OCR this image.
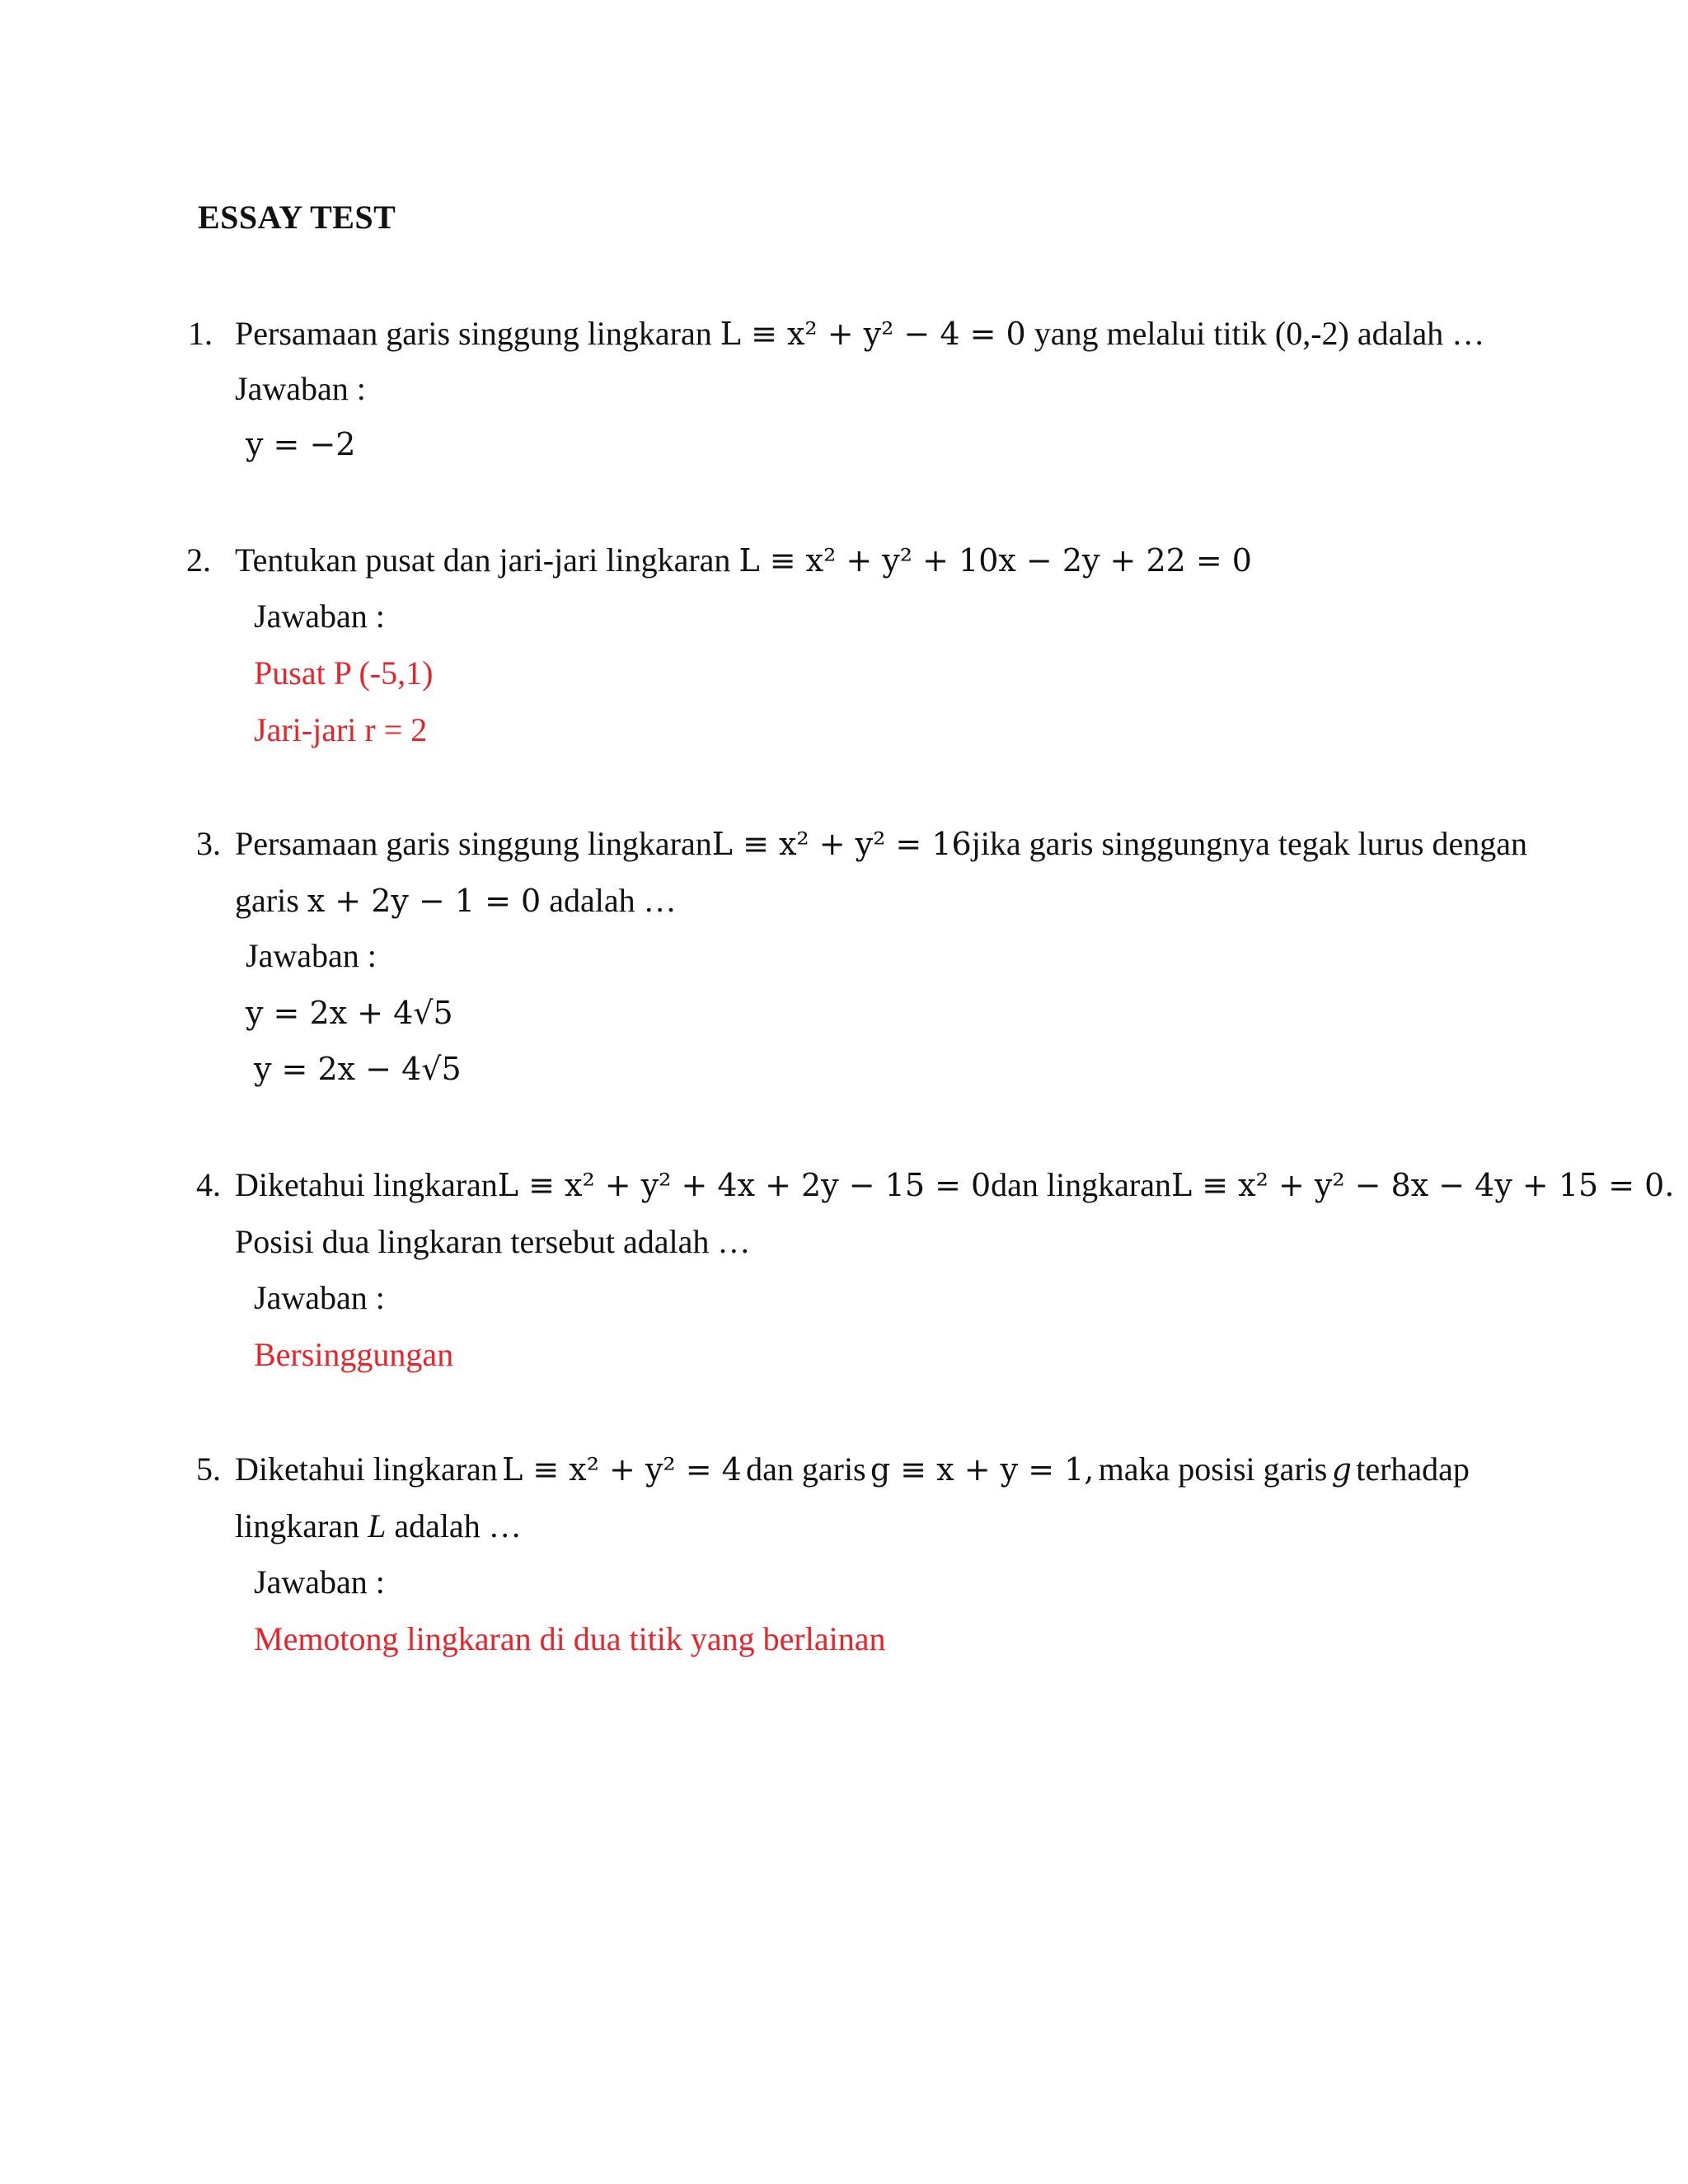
ESSAY TEST
1. Persamaan garis singgung lingkaran L ≡ x² + y² − 4 = 0 yang melalui titik (0,-2) adalah …
Jawaban :
y = −2
2. Tentukan pusat dan jari-jari lingkaran L ≡ x² + y² + 10x − 2y + 22 = 0
Jawaban :
Pusat P (-5,1)
Jari-jari r = 2
3. Persamaan garis singgung lingkaran L ≡ x² + y² = 16 jika garis singgungnya tegak lurus dengan
garis x + 2y − 1 = 0 adalah …
Jawaban :
y = 2x + 4√5
y = 2x − 4√5
4. Diketahui lingkaran L ≡ x² + y² + 4x + 2y − 15 = 0 dan lingkaran L ≡ x² + y² − 8x − 4y + 15 = 0.
Posisi dua lingkaran tersebut adalah …
Jawaban :
Bersinggungan
5. Diketahui lingkaran L ≡ x² + y² = 4 dan garis g ≡ x + y = 1, maka posisi garis g terhadap
lingkaran L adalah …
Jawaban :
Memotong lingkaran di dua titik yang berlainan
